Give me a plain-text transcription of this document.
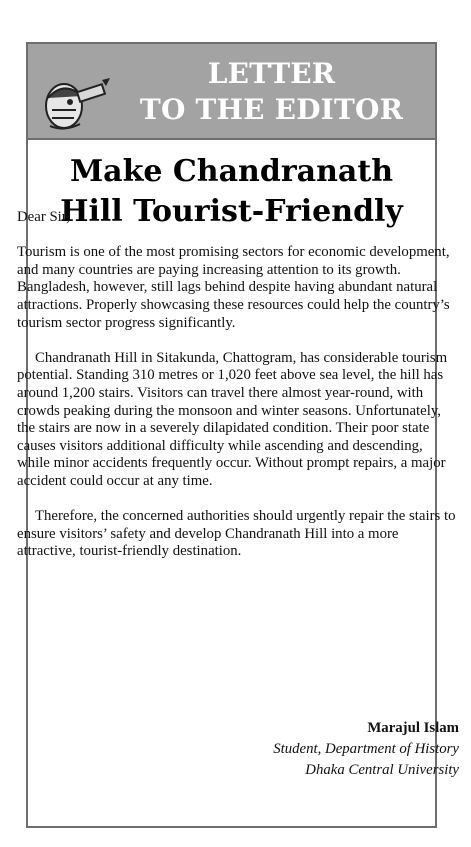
LETTER
TO THE EDITOR
Make Chandranath
Hill Tourist-Friendly

Dear Sir,

Tourism is one of the most promising sectors for economic development, and many countries are paying increasing attention to its growth. Bangladesh, however, still lags behind despite having abundant natural attractions. Properly showcasing these resources could help the country’s tourism sector progress significantly.

Chandranath Hill in Sitakunda, Chattogram, has considerable tourism potential. Standing 310 metres or 1,020 feet above sea level, the hill has around 1,200 stairs. Visitors can travel there almost year-round, with crowds peaking during the monsoon and winter seasons. Unfortunately, the stairs are now in a severely dilapidated condition. Their poor state causes visitors additional difficulty while ascending and descending, while minor accidents frequently occur. Without prompt repairs, a major accident could occur at any time.

Therefore, the concerned authorities should urgently repair the stairs to ensure visitors’ safety and develop Chandranath Hill into a more attractive, tourist-friendly destination.

Marajul Islam
Student, Department of History
Dhaka Central University
